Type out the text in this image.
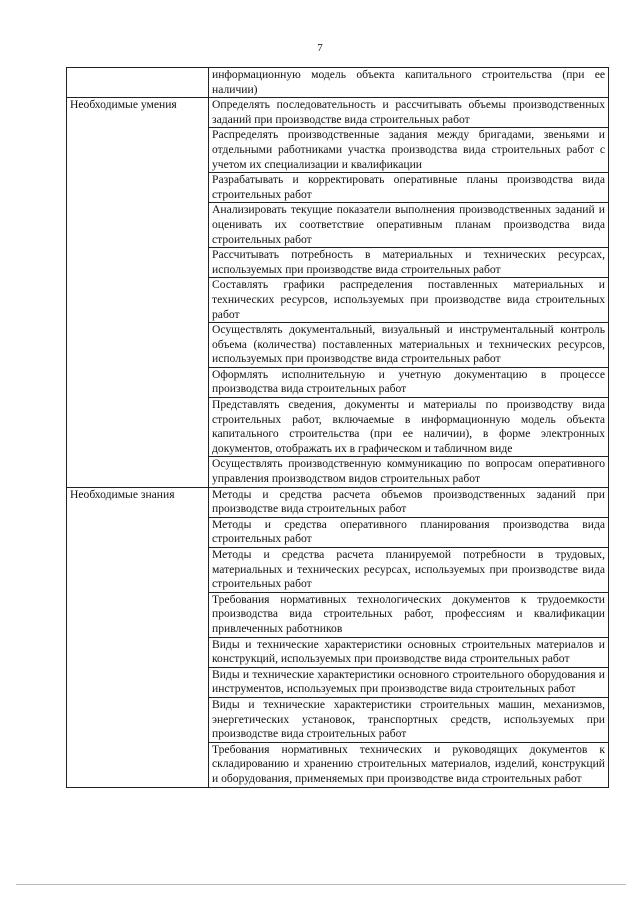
7
	информационную модель объекта капитального строительства (при ее наличии)
Необходимые умения	Определять последовательность и рассчитывать объемы производственных заданий при производстве вида строительных работ
	Распределять производственные задания между бригадами, звеньями и отдельными работниками участка производства вида строительных работ с учетом их специализации и квалификации
	Разрабатывать и корректировать оперативные планы производства вида строительных работ
	Анализировать текущие показатели выполнения производственных заданий и оценивать их соответствие оперативным планам производства вида строительных работ
	Рассчитывать потребность в материальных и технических ресурсах, используемых при производстве вида строительных работ
	Составлять графики распределения поставленных материальных и технических ресурсов, используемых при производстве вида строительных работ
	Осуществлять документальный, визуальный и инструментальный контроль объема (количества) поставленных материальных и технических ресурсов, используемых при производстве вида строительных работ
	Оформлять исполнительную и учетную документацию в процессе производства вида строительных работ
	Представлять сведения, документы и материалы по производству вида строительных работ, включаемые в информационную модель объекта капитального строительства (при ее наличии), в форме электронных документов, отображать их в графическом и табличном виде
	Осуществлять производственную коммуникацию по вопросам оперативного управления производством видов строительных работ
Необходимые знания	Методы и средства расчета объемов производственных заданий при производстве вида строительных работ
	Методы и средства оперативного планирования производства вида строительных работ
	Методы и средства расчета планируемой потребности в трудовых, материальных и технических ресурсах, используемых при производстве вида строительных работ
	Требования нормативных технологических документов к трудоемкости производства вида строительных работ, профессиям и квалификации привлеченных работников
	Виды и технические характеристики основных строительных материалов и конструкций, используемых при производстве вида строительных работ
	Виды и технические характеристики основного строительного оборудования и инструментов, используемых при производстве вида строительных работ
	Виды и технические характеристики строительных машин, механизмов, энергетических установок, транспортных средств, используемых при производстве вида строительных работ
	Требования нормативных технических и руководящих документов к складированию и хранению строительных материалов, изделий, конструкций и оборудования, применяемых при производстве вида строительных работ
